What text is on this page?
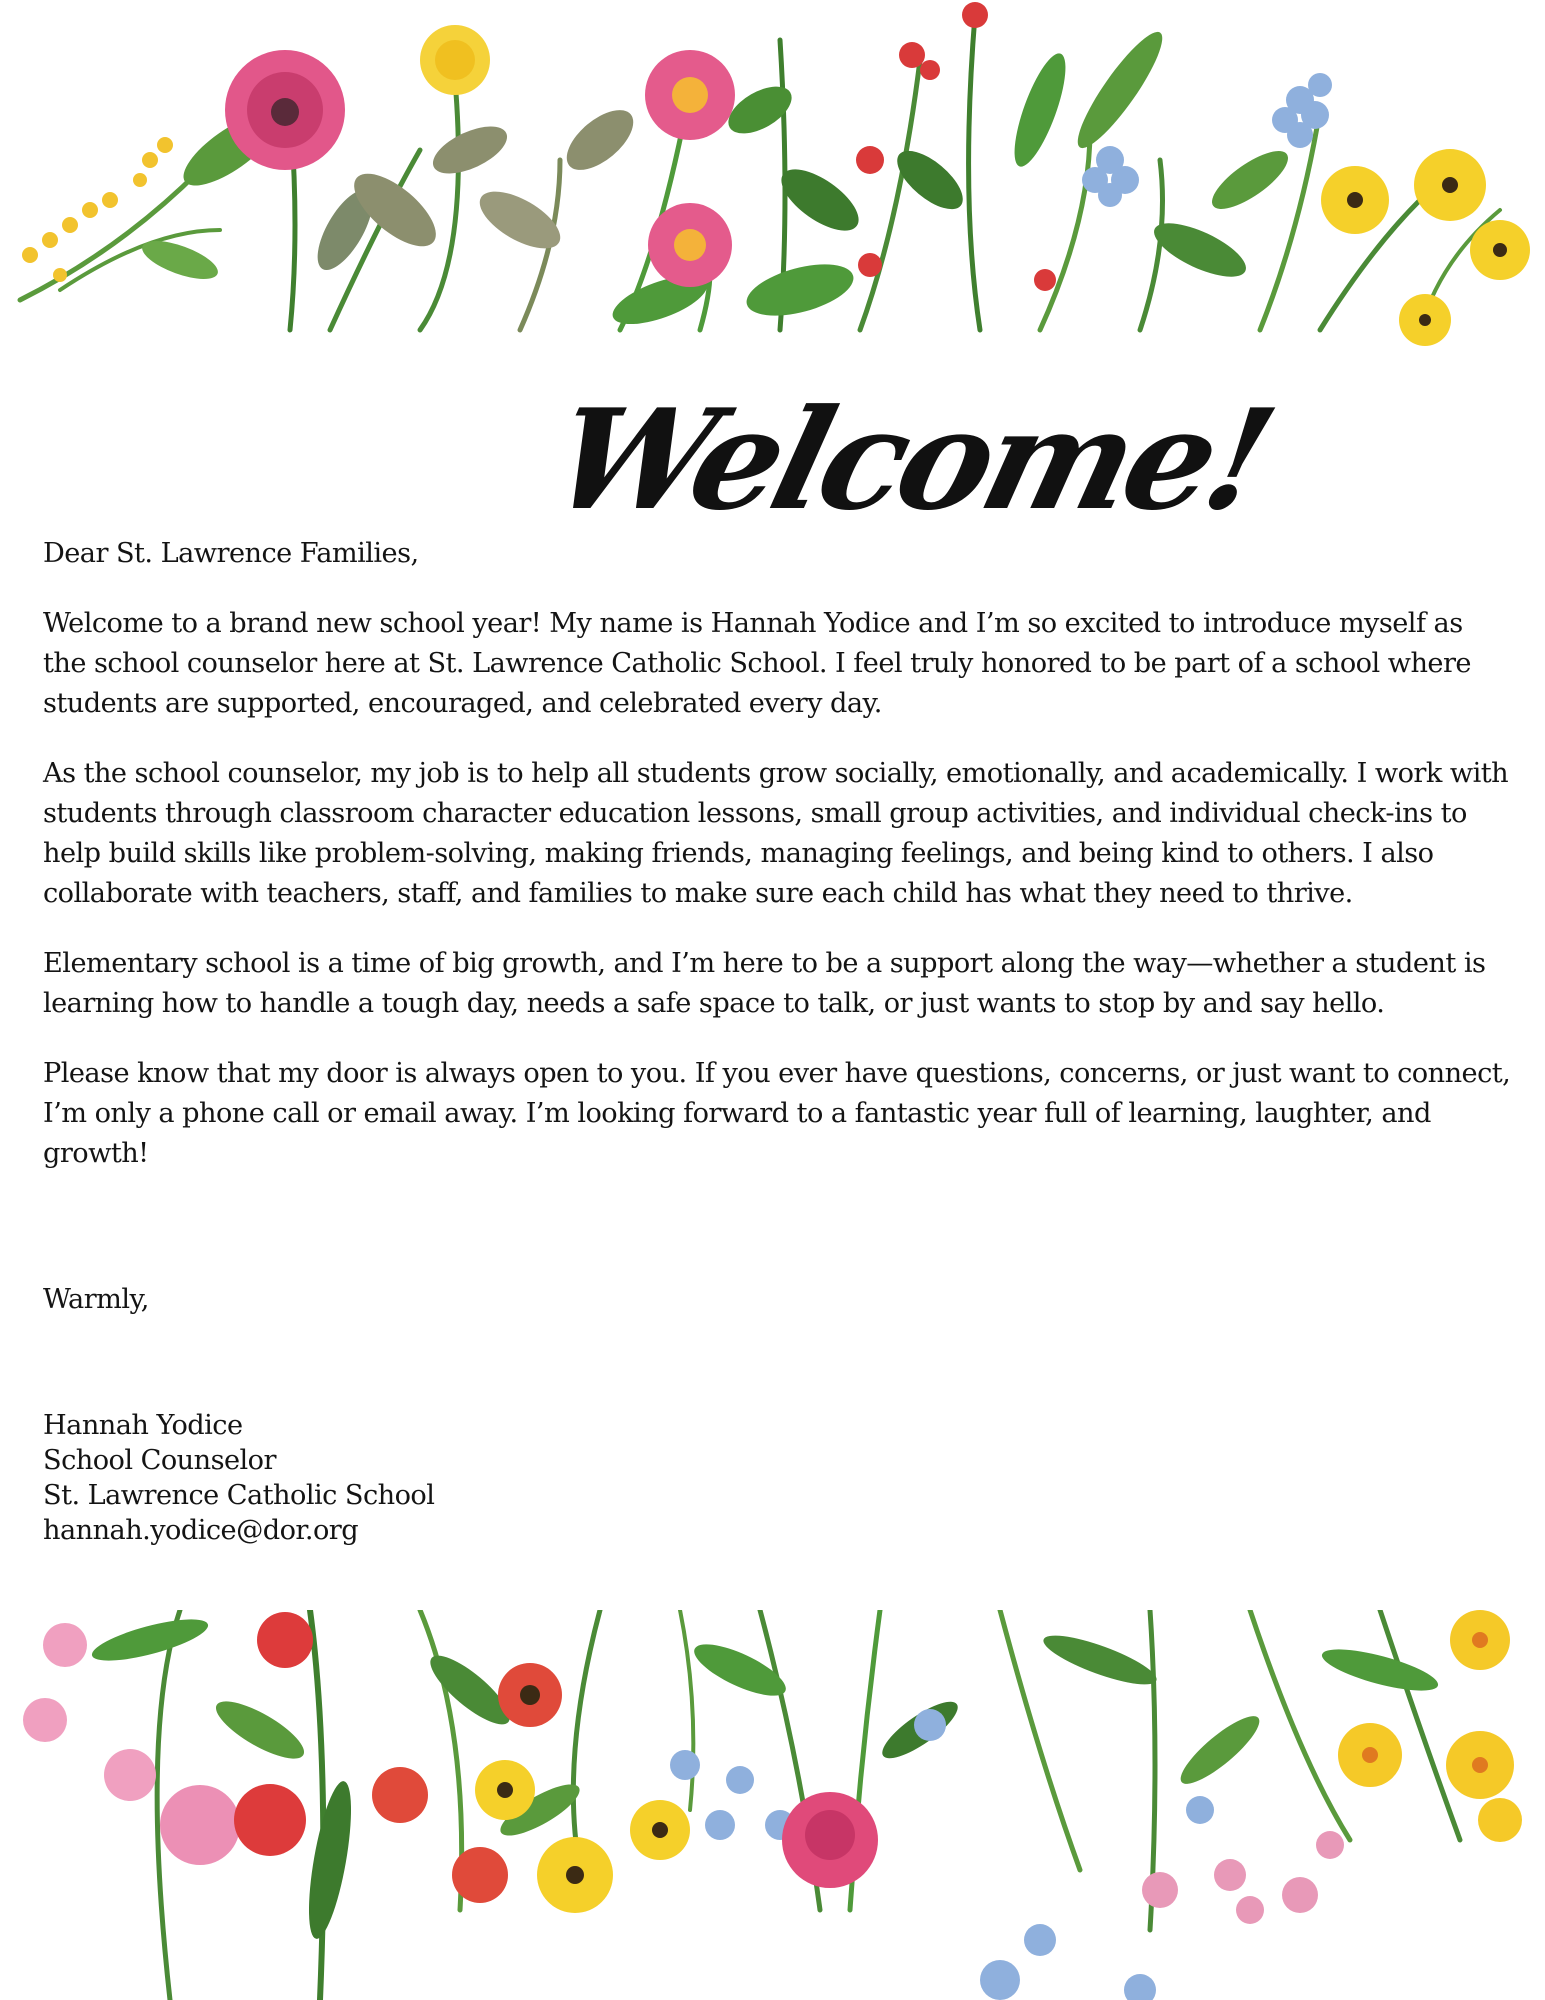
Welcome!

Dear St. Lawrence Families,

Welcome to a brand new school year! My name is Hannah Yodice and I’m so excited to introduce myself as the school counselor here at St. Lawrence Catholic School. I feel truly honored to be part of a school where students are supported, encouraged, and celebrated every day.

As the school counselor, my job is to help all students grow socially, emotionally, and academically. I work with students through classroom character education lessons, small group activities, and individual check-ins to help build skills like problem-solving, making friends, managing feelings, and being kind to others. I also collaborate with teachers, staff, and families to make sure each child has what they need to thrive.

Elementary school is a time of big growth, and I’m here to be a support along the way—whether a student is learning how to handle a tough day, needs a safe space to talk, or just wants to stop by and say hello.

Please know that my door is always open to you. If you ever have questions, concerns, or just want to connect, I’m only a phone call or email away. I’m looking forward to a fantastic year full of learning, laughter, and growth!

Warmly,

Hannah Yodice
School Counselor
St. Lawrence Catholic School
hannah.yodice@dor.org
